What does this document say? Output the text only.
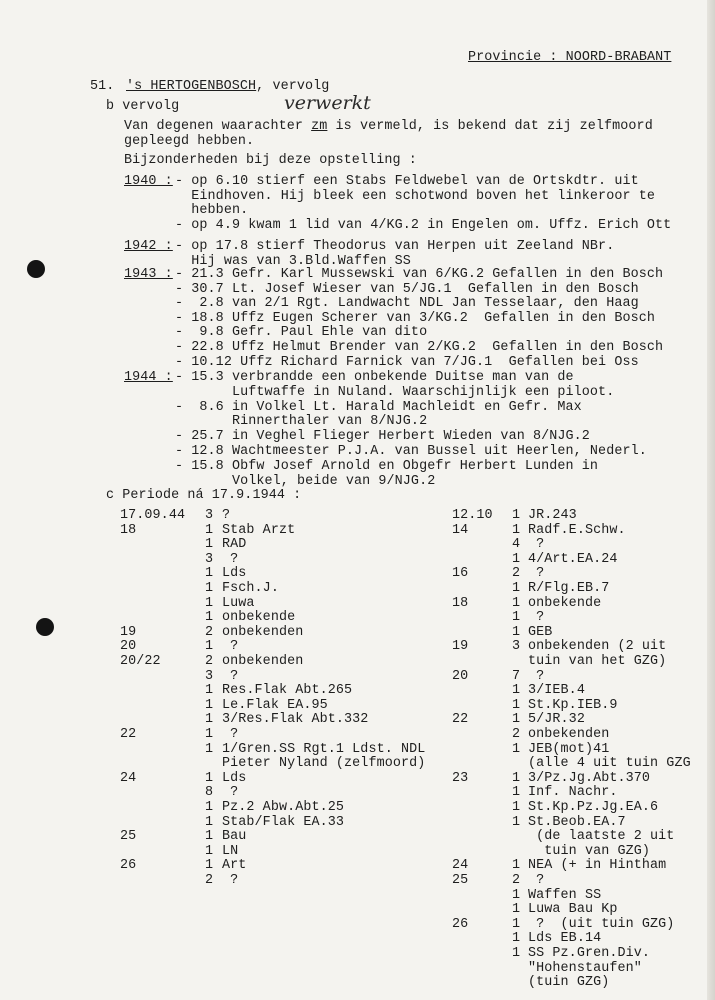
Provincie : NOORD-BRABANT
51. 's HERTOGENBOSCH, vervolg
b vervolg	verwerkt
Van degenen waarachter zm is vermeld, is bekend dat zij zelfmoord
gepleegd hebben.
Bijzonderheden bij deze opstelling :
1940 : - op 6.10 stierf een Stabs Feldwebel van de Ortskdtr. uit
Eindhoven. Hij bleek een schotwond boven het linkeroor te
hebben.
- op 4.9 kwam 1 lid van 4/KG.2 in Engelen om. Uffz. Erich Ott
1942 : - op 17.8 stierf Theodorus van Herpen uit Zeeland NBr.
Hij was van 3.Bld.Waffen SS
1943 : - 21.3 Gefr. Karl Mussewski van 6/KG.2 Gefallen in den Bosch
- 30.7 Lt. Josef Wieser van 5/JG.1  Gefallen in den Bosch
-  2.8 van 2/1 Rgt. Landwacht NDL Jan Tesselaar, den Haag
- 18.8 Uffz Eugen Scherer van 3/KG.2  Gefallen in den Bosch
-  9.8 Gefr. Paul Ehle van dito
- 22.8 Uffz Helmut Brender van 2/KG.2  Gefallen in den Bosch
- 10.12 Uffz Richard Farnick van 7/JG.1  Gefallen bei Oss
1944 : - 15.3 verbrandde een onbekende Duitse man van de
Luftwaffe in Nuland. Waarschijnlijk een piloot.
-  8.6 in Volkel Lt. Harald Machleidt en Gefr. Max
Rinnerthaler van 8/NJG.2
- 25.7 in Veghel Flieger Herbert Wieden van 8/NJG.2
- 12.8 Wachtmeester P.J.A. van Bussel uit Heerlen, Nederl.
- 15.8 Obfw Josef Arnold en Obgefr Herbert Lunden in
Volkel, beide van 9/NJG.2
c Periode ná 17.9.1944 :
17.09.44 3 ?
18	1 Stab Arzt
1 RAD
3 ?
1 Lds
1 Fsch.J.
1 Luwa
1 onbekende
19	2 onbekenden
20	1 ?
20/22	2 onbekenden
3 ?
1 Res.Flak Abt.265
1 Le.Flak EA.95
1 3/Res.Flak Abt.332
22	1 ?
1 1/Gren.SS Rgt.1 Ldst. NDL
Pieter Nyland (zelfmoord)
24	1 Lds
8 ?
1 Pz.2 Abw.Abt.25
1 Stab/Flak EA.33
25	1 Bau
1 LN
26	1 Art
2 ?
12.10 1 JR.243
14	1 Radf.E.Schw.
4 ?
1 4/Art.EA.24
16	2 ?
1 R/Flg.EB.7
18	1 onbekende
1 ?
1 GEB
19	3 onbekenden (2 uit
tuin van het GZG)
20	7 ?
1 3/IEB.4
1 St.Kp.IEB.9
22	1 5/JR.32
2 onbekenden
1 JEB(mot)41
(alle 4 uit tuin GZG
23	1 3/Pz.Jg.Abt.370
1 Inf. Nachr.
1 St.Kp.Pz.Jg.EA.6
1 St.Beob.EA.7
(de laatste 2 uit
tuin van GZG)
24	1 NEA (+ in Hintham
25	2 ?
1 Waffen SS
1 Luwa Bau Kp
26	1 ?  (uit tuin GZG)
1 Lds EB.14
1 SS Pz.Gren.Div.
"Hohenstaufen"
(tuin GZG)
